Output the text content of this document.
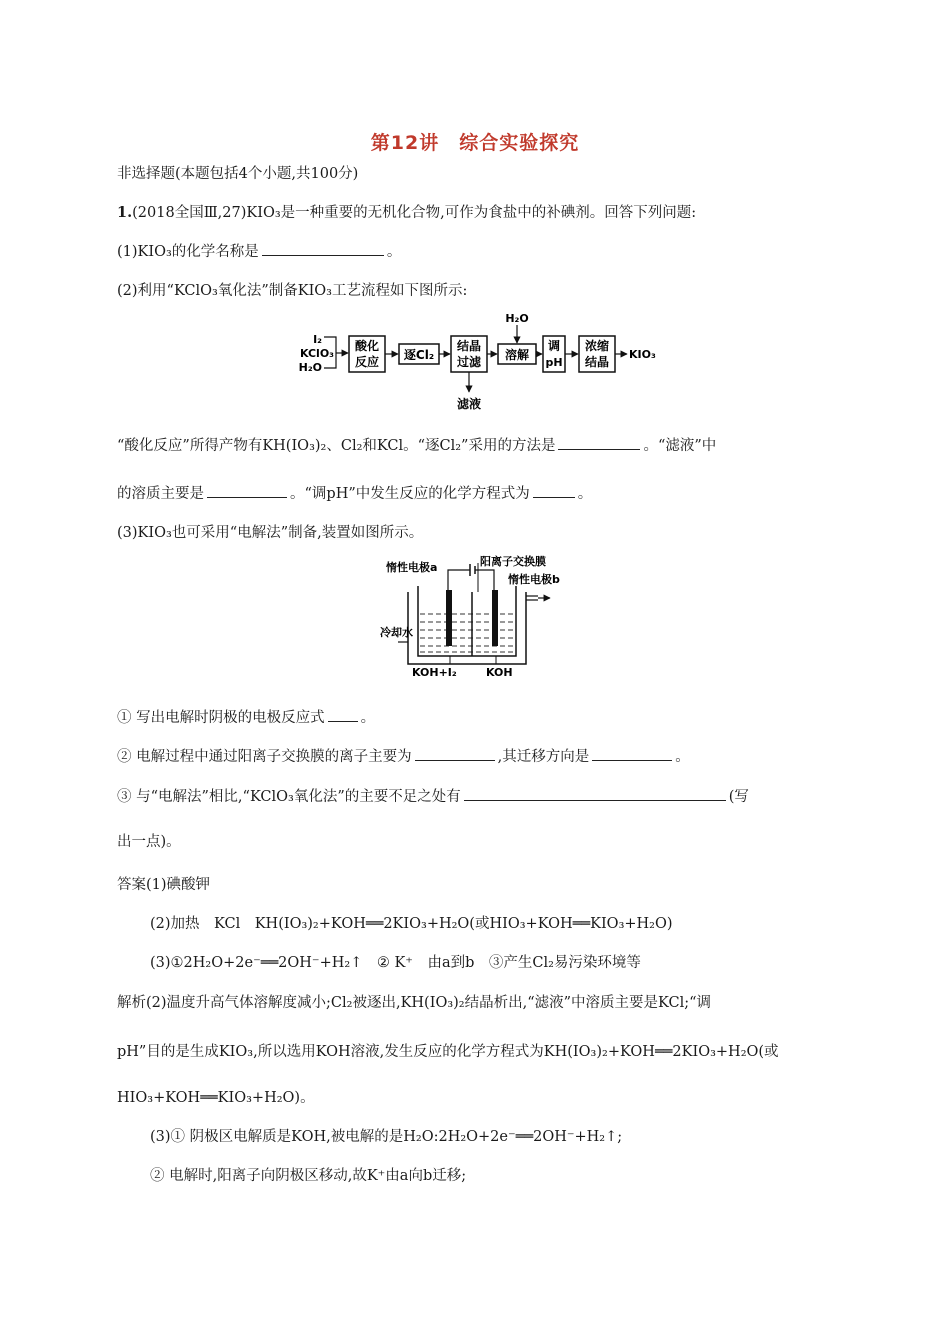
第12讲　综合实验探究
非选择题(本题包括4个小题,共100分)
1.(2018全国Ⅲ,27)KIO₃是一种重要的无机化合物,可作为食盐中的补碘剂。回答下列问题:
(1)KIO₃的化学名称是	。
(2)利用“KClO₃氧化法”制备KIO₃工艺流程如下图所示:
I₂
KClO₃
H₂O
酸化
反应 逐Cl₂
结晶
过滤
滤液
H₂O
溶解
调
pH
浓缩
结晶
KIO₃
“酸化反应”所得产物有KH(IO₃)₂、Cl₂和KCl。“逐Cl₂”采用的方法是	。“滤液”中
的溶质主要是	。“调pH”中发生反应的化学方程式为	。
(3)KIO₃也可采用“电解法”制备,装置如图所示。
惰性电极a	阳离子交换膜
惰性电极b
冷却水
KOH+I₂	KOH
① 写出电解时阴极的电极反应式 。
② 电解过程中通过阳离子交换膜的离子主要为	,其迁移方向是	。
③ 与“电解法”相比,“KClO₃氧化法”的主要不足之处有	(写
出一点)。
答案(1)碘酸钾
(2)加热　KCl　KH(IO₃)₂+KOH══2KIO₃+H₂O(或HIO₃+KOH══KIO₃+H₂O)
(3)①2H₂O+2e⁻══2OH⁻+H₂↑　② K⁺　由a到b　③产生Cl₂易污染环境等
解析(2)温度升高气体溶解度减小;Cl₂被逐出,KH(IO₃)₂结晶析出,“滤液”中溶质主要是KCl;“调
pH”目的是生成KIO₃,所以选用KOH溶液,发生反应的化学方程式为KH(IO₃)₂+KOH══2KIO₃+H₂O(或
HIO₃+KOH══KIO₃+H₂O)。
(3)① 阴极区电解质是KOH,被电解的是H₂O:2H₂O+2e⁻══2OH⁻+H₂↑;
② 电解时,阳离子向阴极区移动,故K⁺由a向b迁移;
